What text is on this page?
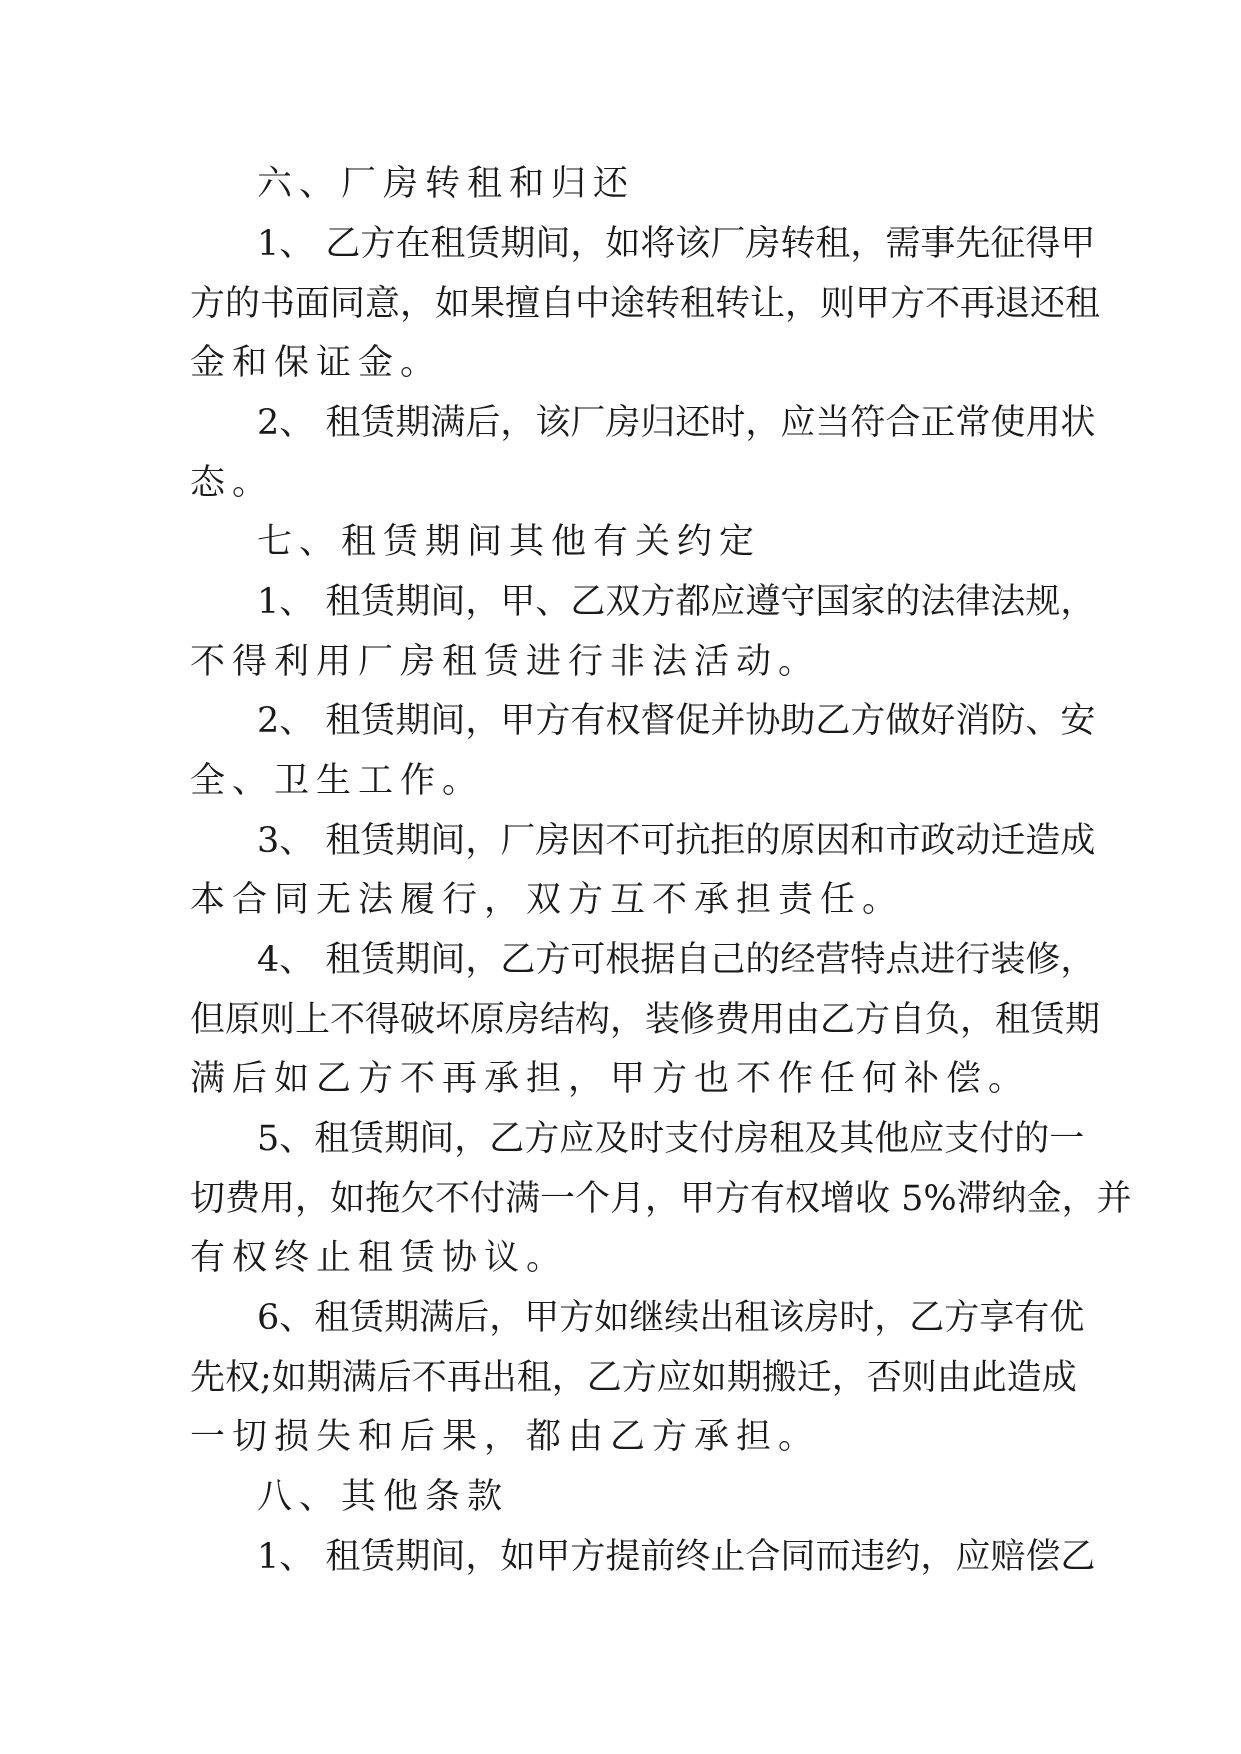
六、厂房转租和归还

1、 乙方在租赁期间，如将该厂房转租，需事先征得甲

方的书面同意，如果擅自中途转租转让，则甲方不再退还租

金和保证金。

2、 租赁期满后，该厂房归还时，应当符合正常使用状

态。

七、租赁期间其他有关约定

1、 租赁期间，甲、乙双方都应遵守国家的法律法规，

不得利用厂房租赁进行非法活动。

2、 租赁期间，甲方有权督促并协助乙方做好消防、安

全、卫生工作。

3、 租赁期间，厂房因不可抗拒的原因和市政动迁造成

本合同无法履行，双方互不承担责任。

4、 租赁期间，乙方可根据自己的经营特点进行装修，

但原则上不得破坏原房结构，装修费用由乙方自负，租赁期

满后如乙方不再承担，甲方也不作任何补偿。

5、租赁期间，乙方应及时支付房租及其他应支付的一

切费用，如拖欠不付满一个月，甲方有权增收 5%滞纳金，并

有权终止租赁协议。

6、租赁期满后，甲方如继续出租该房时，乙方享有优

先权;如期满后不再出租，乙方应如期搬迁，否则由此造成

一切损失和后果，都由乙方承担。

八、其他条款

1、 租赁期间，如甲方提前终止合同而违约，应赔偿乙
